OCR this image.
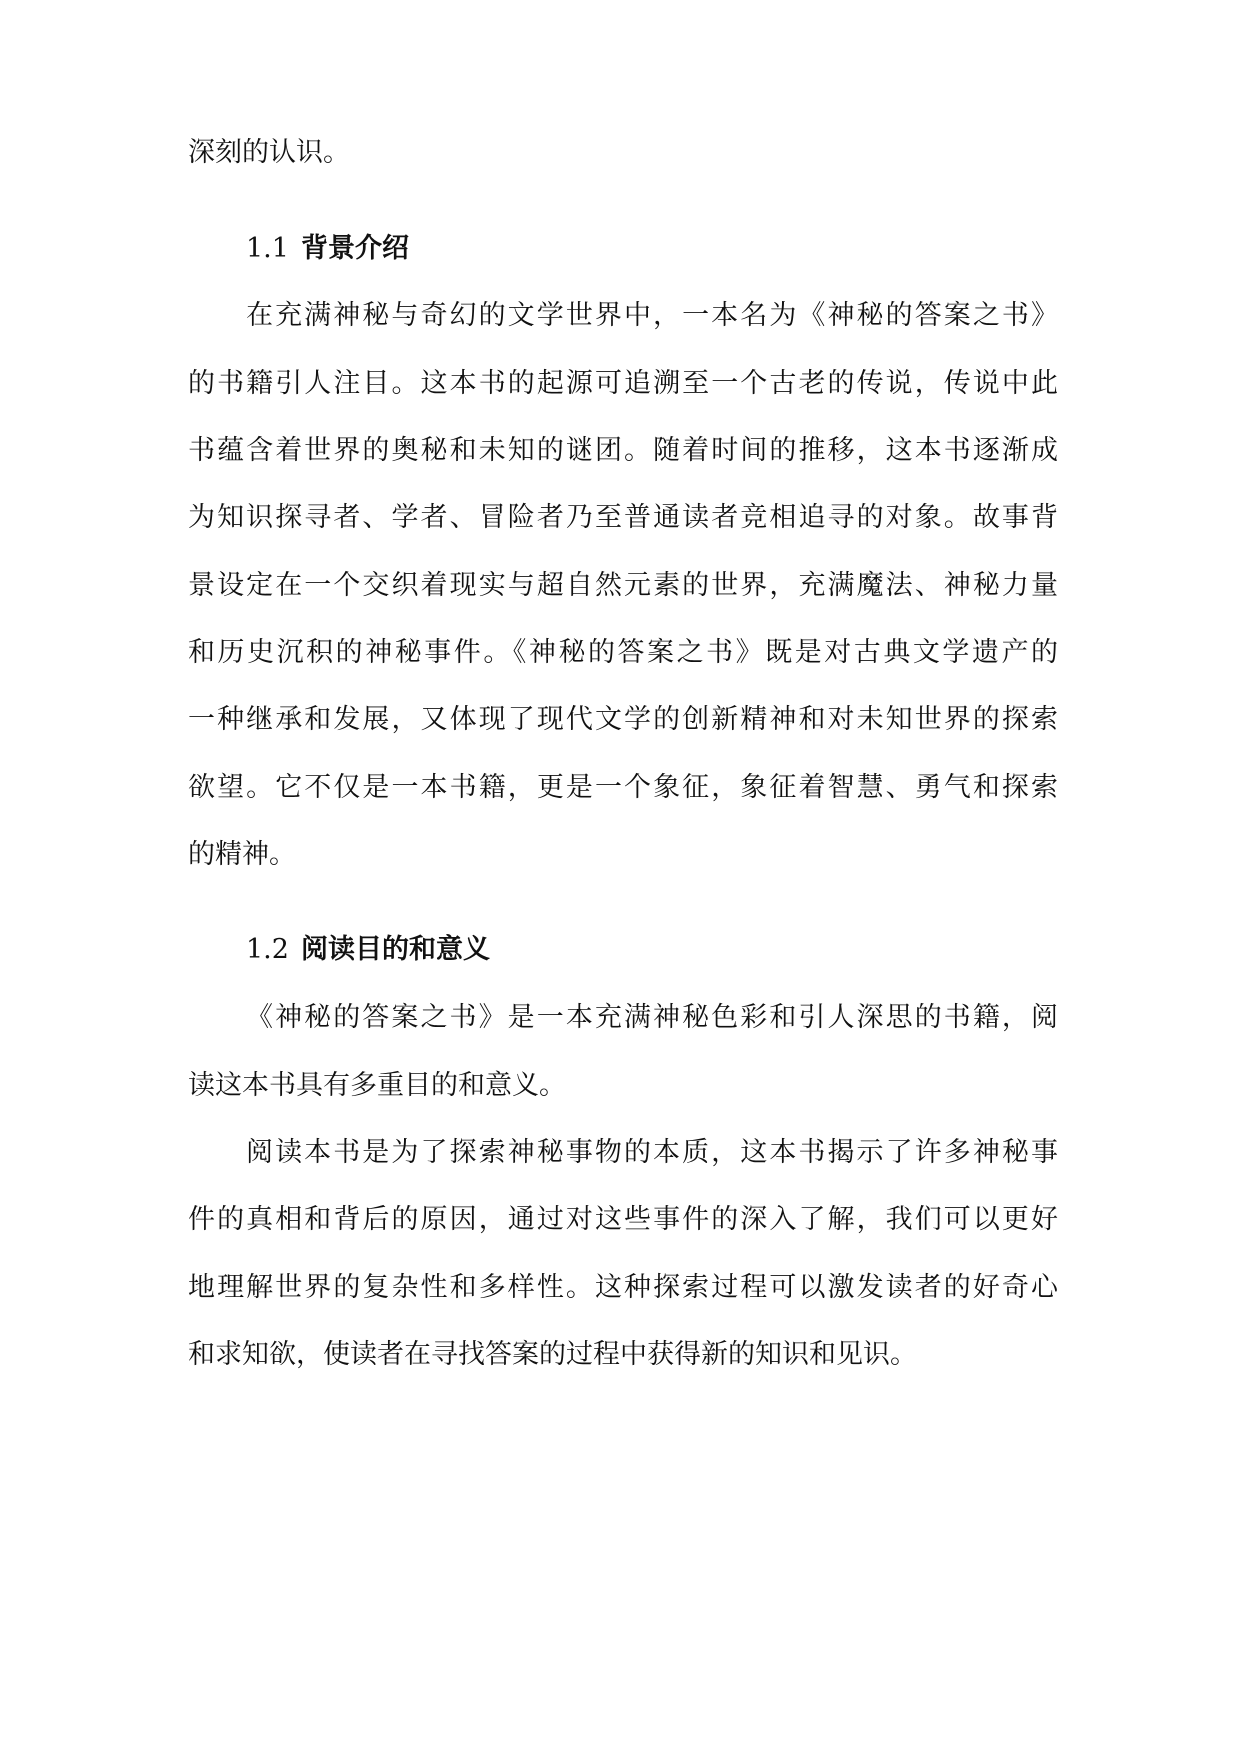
深刻的认识。
1.1 背景介绍
在充满神秘与奇幻的文学世界中，一本名为《神秘的答案之书》
的书籍引人注目。这本书的起源可追溯至一个古老的传说，传说中此
书蕴含着世界的奥秘和未知的谜团。随着时间的推移，这本书逐渐成
为知识探寻者、学者、冒险者乃至普通读者竞相追寻的对象。故事背
景设定在一个交织着现实与超自然元素的世界，充满魔法、神秘力量
和历史沉积的神秘事件。《神秘的答案之书》既是对古典文学遗产的
一种继承和发展，又体现了现代文学的创新精神和对未知世界的探索
欲望。它不仅是一本书籍，更是一个象征，象征着智慧、勇气和探索
的精神。
1.2 阅读目的和意义
《神秘的答案之书》是一本充满神秘色彩和引人深思的书籍，阅
读这本书具有多重目的和意义。
阅读本书是为了探索神秘事物的本质，这本书揭示了许多神秘事
件的真相和背后的原因，通过对这些事件的深入了解，我们可以更好
地理解世界的复杂性和多样性。这种探索过程可以激发读者的好奇心
和求知欲，使读者在寻找答案的过程中获得新的知识和见识。
